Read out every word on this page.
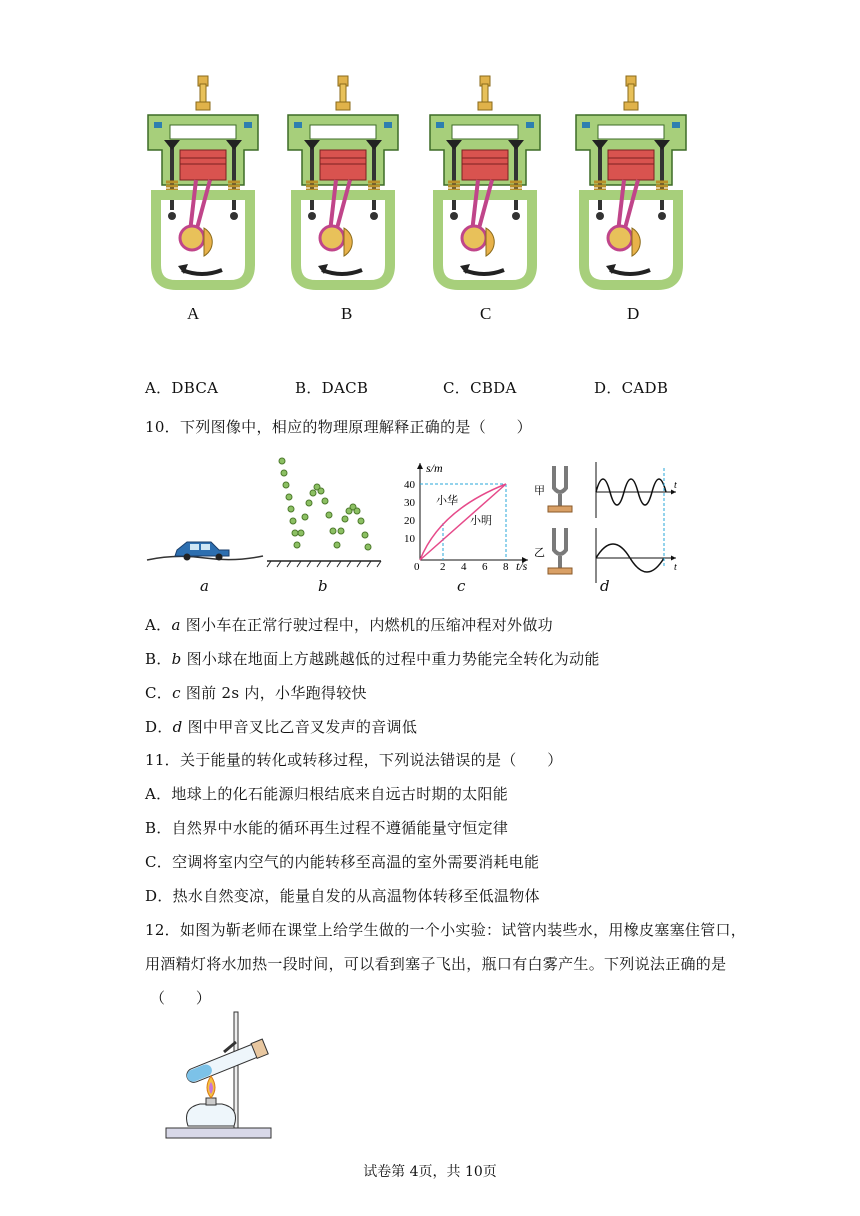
A	B	C	D
A．DBCA	B．DACB	C．CBDA	D．CADB
10．下列图像中，相应的物理原理解释正确的是（　　）
a	b
s/m
t/s
40
30
20
10
0 2 4 6 8
小华
小明
c
甲
乙
t
t
d
A．a 图小车在正常行驶过程中，内燃机的压缩冲程对外做功
B．b 图小球在地面上方越跳越低的过程中重力势能完全转化为动能
C．c 图前 2s 内，小华跑得较快
D．d 图中甲音叉比乙音叉发声的音调低
11．关于能量的转化或转移过程，下列说法错误的是（　　）
A．地球上的化石能源归根结底来自远古时期的太阳能
B．自然界中水能的循环再生过程不遵循能量守恒定律
C．空调将室内空气的内能转移至高温的室外需要消耗电能
D．热水自然变凉，能量自发的从高温物体转移至低温物体
12．如图为靳老师在课堂上给学生做的一个小实验：试管内装些水，用橡皮塞塞住管口，
用酒精灯将水加热一段时间，可以看到塞子飞出，瓶口有白雾产生。下列说法正确的是
（　　）
试卷第 4页，共 10页
